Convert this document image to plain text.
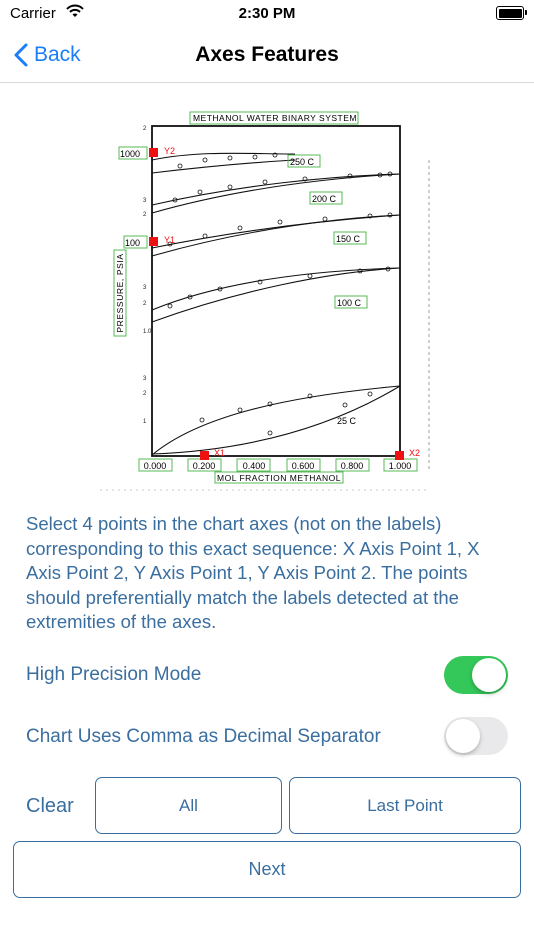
Carrier	2:30 PM
Back	Axes Features
METHANOL WATER BINARY SYSTEM
2
3
2
3
2
3
2
1
1.0
PRESSURE, PSIA
1000
100
0.000	0.200	0.400	0.600	0.800	1.000
MOL FRACTION METHANOL
250 C
200 C
150 C
100 C
25 C
Y2
Y1
X1	X2
Select 4 points in the chart axes (not on the labels) corresponding to this exact sequence: X Axis Point 1, X Axis Point 2, Y Axis Point 1, Y Axis Point 2. The points should preferentially match the labels detected at the extremities of the axes.
High Precision Mode
Chart Uses Comma as Decimal Separator
Clear	All	Last Point
Next
